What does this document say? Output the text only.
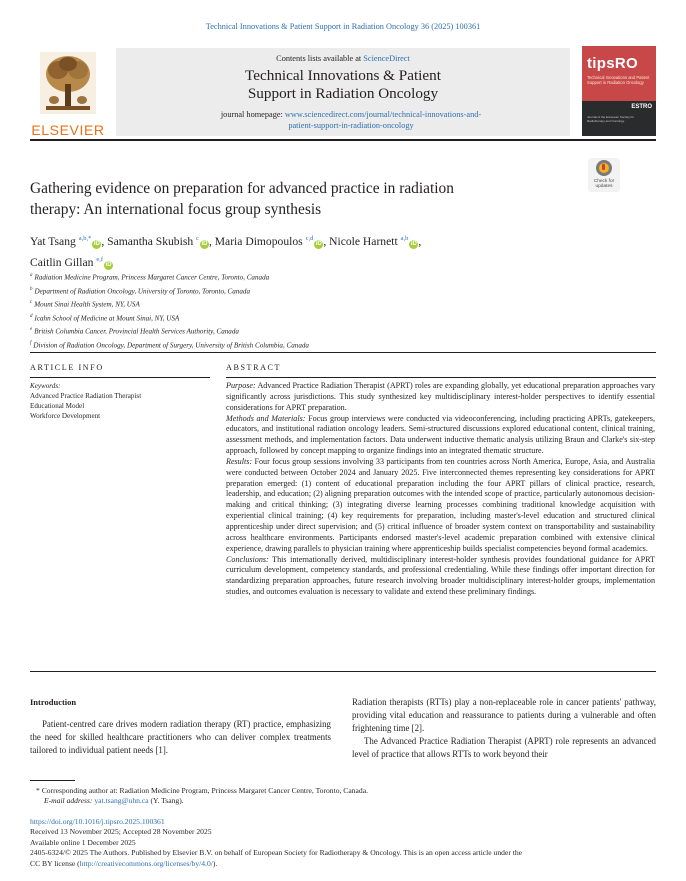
Technical Innovations & Patient Support in Radiation Oncology 36 (2025) 100361
ELSEVIER
Contents lists available at ScienceDirect
Technical Innovations & Patient
Support in Radiation Oncology
journal homepage: www.sciencedirect.com/journal/technical-innovations-and-
patient-support-in-radiation-oncology
tipsRO
Technical Innovations and Patient Support in Radiation Oncology
ESTRO
Journal of the European Society for Radiotherapy and Oncology
Gathering evidence on preparation for advanced practice in radiation
therapy: An international focus group synthesis
Check for
updates
Yat Tsang $^{a,b,*}$iD , Samantha Skubish $^c$iD , Maria Dimopoulos $^{c,d}$iD , Nicole Harnett $^{a,b}$iD ,
Caitlin Gillan $^{e,f}$iD
$^a$ Radiation Medicine Program, Princess Margaret Cancer Centre, Toronto, Canada
$^b$ Department of Radiation Oncology, University of Toronto, Toronto, Canada
$^c$ Mount Sinai Health System, NY, USA
$^d$ Icahn School of Medicine at Mount Sinai, NY, USA
$^e$ British Columbia Cancer, Provincial Health Services Authority, Canada
$^f$ Division of Radiation Oncology, Department of Surgery, University of British Columbia, Canada
ARTICLE INFO	ABSTRACT
Keywords:
Advanced Practice Radiation Therapist
Educational Model
Workforce Development
Purpose: Advanced Practice Radiation Therapist (APRT) roles are expanding globally, yet educational preparation approaches vary significantly across jurisdictions. This study synthesized key multidisciplinary interest-holder perspectives to identify essential considerations for APRT preparation.
Methods and Materials: Focus group interviews were conducted via videoconferencing, including practicing APRTs, gatekeepers, educators, and institutional radiation oncology leaders. Semi-structured discussions explored educational content, clinical training, assessment methods, and implementation factors. Data underwent inductive thematic analysis utilizing Braun and Clarke's six-step approach, followed by concept mapping to organize findings into an integrated thematic structure.
Results: Four focus group sessions involving 33 participants from ten countries across North America, Europe, Asia, and Australia were conducted between October 2024 and January 2025. Five interconnected themes representing key considerations for APRT preparation emerged: (1) content of educational preparation including the four APRT pillars of clinical practice, research, leadership, and education; (2) aligning preparation outcomes with the intended scope of practice, particularly autonomous decision-making and critical thinking; (3) integrating diverse learning processes combining traditional knowledge acquisition with experiential clinical training; (4) key requirements for preparation, including master's-level education and structured clinical apprenticeship under direct supervision; and (5) critical influence of broader system context on transportability and sustainability across healthcare environments. Participants endorsed master's-level academic preparation combined with extensive clinical experience, drawing parallels to physician training where apprenticeship builds specialist competencies beyond formal academics.
Conclusions: This internationally derived, multidisciplinary interest-holder synthesis provides foundational guidance for APRT curriculum development, competency standards, and professional credentialing. While these findings offer important direction for standardizing preparation approaches, future research involving broader multidisciplinary interest-holder groups, implementation studies, and outcomes evaluation is necessary to validate and extend these preliminary findings.
Introduction

Patient-centred care drives modern radiation therapy (RT) practice, emphasizing the need for skilled healthcare practitioners who can deliver complex treatments tailored to individual patient needs [1].

Radiation therapists (RTTs) play a non-replaceable role in cancer patients' pathway, providing vital education and reassurance to patients during a vulnerable and often frightening time [2].

The Advanced Practice Radiation Therapist (APRT) role represents an advanced level of practice that allows RTTs to work beyond their

* Corresponding author at: Radiation Medicine Program, Princess Margaret Cancer Centre, Toronto, Canada.
E-mail address: yat.tsang@uhn.ca (Y. Tsang).
https://doi.org/10.1016/j.tipsro.2025.100361
Received 13 November 2025; Accepted 28 November 2025
Available online 1 December 2025
2405-6324/© 2025 The Authors. Published by Elsevier B.V. on behalf of European Society for Radiotherapy & Oncology. This is an open access article under the
CC BY license (http://creativecommons.org/licenses/by/4.0/).
